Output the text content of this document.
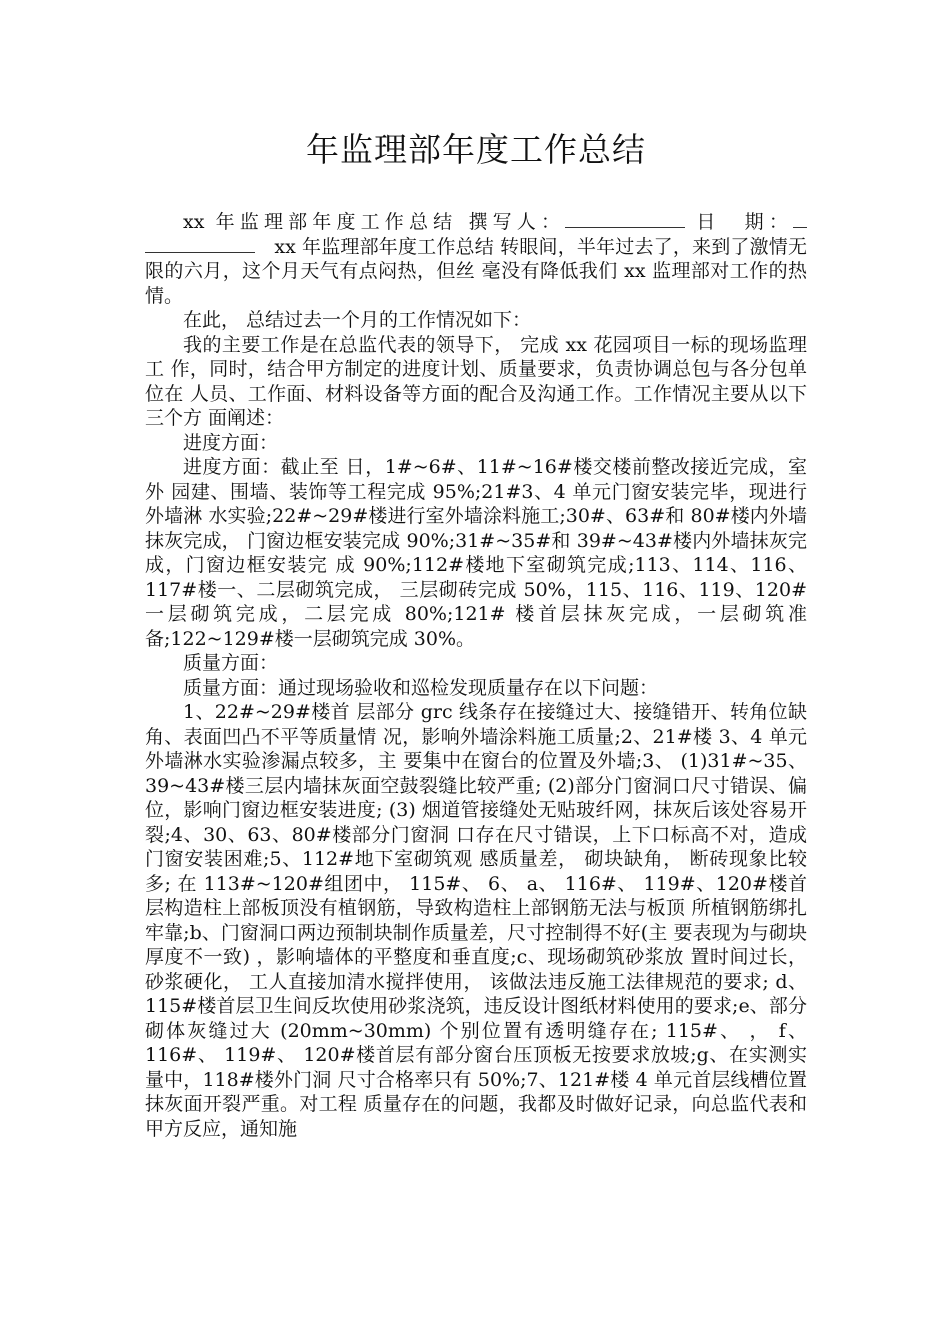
年监理部年度工作总结

xx 年监理部年度工作总结 撰写人：	日　期：　xx 年监理部年度工作总结 转眼间，半年过去了，来到了激情无限的六月，这个月天气有点闷热，但丝 毫没有降低我们 xx 监理部对工作的热情。

在此， 总结过去一个月的工作情况如下：

我的主要工作是在总监代表的领导下， 完成 xx 花园项目一标的现场监理工 作，同时，结合甲方制定的进度计划、质量要求，负责协调总包与各分包单位在 人员、工作面、材料设备等方面的配合及沟通工作。工作情况主要从以下三个方 面阐述：

进度方面：

进度方面：截止至 日，1#~6#、11#~16#楼交楼前整改接近完成，室外 园建、围墙、装饰等工程完成 95%;21#3、4 单元门窗安装完毕，现进行外墙淋 水实验;22#~29#楼进行室外墙涂料施工;30#、63#和 80#楼内外墙抹灰完成， 门窗边框安装完成 90%;31#~35#和 39#~43#楼内外墙抹灰完成，门窗边框安装完 成 90%;112#楼地下室砌筑完成;113、114、116、117#楼一、二层砌筑完成， 三层砌砖完成 50%，115、116、119、120#一层砌筑完成，二层完成 80%;121# 楼首层抹灰完成，一层砌筑准备;122~129#楼一层砌筑完成 30%。

质量方面：

质量方面：通过现场验收和巡检发现质量存在以下问题：

1、22#~29#楼首 层部分 grc 线条存在接缝过大、接缝错开、转角位缺角、表面凹凸不平等质量情 况，影响外墙涂料施工质量;2、21#楼 3、4 单元外墙淋水实验渗漏点较多，主 要集中在窗台的位置及外墙;3、 (1)31#~35、39~43#楼三层内墙抹灰面空鼓裂缝比较严重; (2)部分门窗洞口尺寸错误、偏位，影响门窗边框安装进度; (3) 烟道管接缝处无贴玻纤网，抹灰后该处容易开裂;4、30、63、80#楼部分门窗洞 口存在尺寸错误，上下口标高不对，造成门窗安装困难;5、112#地下室砌筑观 感质量差， 砌块缺角， 断砖现象比较多; 在 113#~120#组团中， 115#、 6、 a、 116#、 119#、120#楼首层构造柱上部板顶没有植钢筋，导致构造柱上部钢筋无法与板顶 所植钢筋绑扎牢靠;b、门窗洞口两边预制块制作质量差，尺寸控制得不好(主 要表现为与砌块厚度不一致) ，影响墙体的平整度和垂直度;c、现场砌筑砂浆放 置时间过长， 砂浆硬化， 工人直接加清水搅拌使用， 该做法违反施工法律规范的要求; d、115#楼首层卫生间反坎使用砂浆浇筑，违反设计图纸材料使用的要求;e、部分砌体灰缝过大 (20mm~30mm) 个别位置有透明缝存在; 115#、 ， f、 116#、 119#、 120#楼首层有部分窗台压顶板无按要求放坡;g、在实测实量中，118#楼外门洞 尺寸合格率只有 50%;7、121#楼 4 单元首层线槽位置抹灰面开裂严重。对工程 质量存在的问题，我都及时做好记录，向总监代表和甲方反应，通知施
